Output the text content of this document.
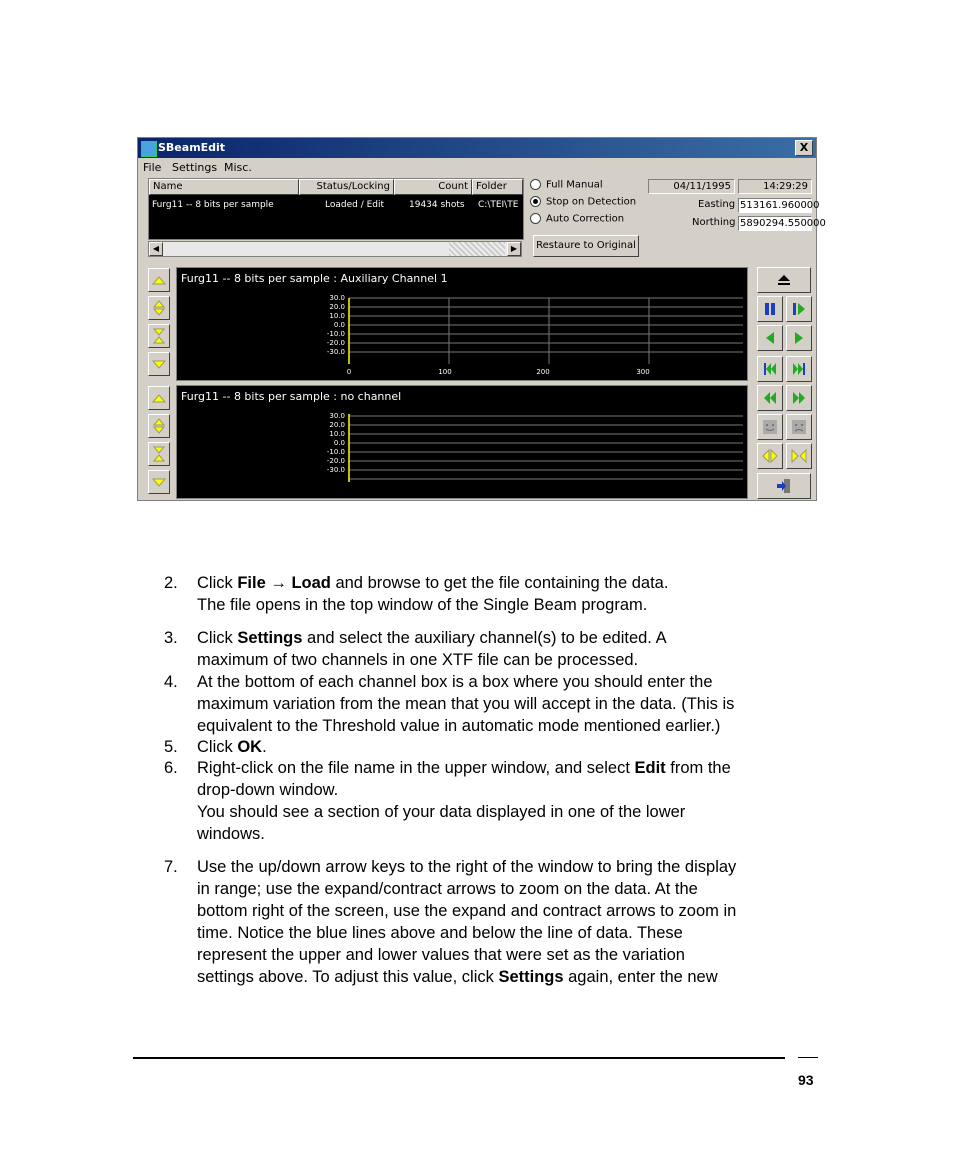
SBeamEdit	X
File Settings Misc.
Name	Status/Locking	Count Folder
Furg11 -- 8 bits per sample	Loaded / Edit	19434 shots	C:\TEI\TE
◀	▶
Full Manual
Stop on Detection
Auto Correction
Restaure to Original
04/11/1995	14:29:29
Easting 513161.960000
Northing 5890294.550000
Furg11 -- 8 bits per sample : Auxiliary Channel 1
30.0
20.0
10.0
0.0
-10.0
-20.0
-30.0
0	100	200	300
Furg11 -- 8 bits per sample : no channel
30.0
20.0
10.0
0.0
-10.0
-20.0
-30.0
2. Click File → Load and browse to get the file containing the data.
The file opens in the top window of the Single Beam program.
3. Click Settings and select the auxiliary channel(s) to be edited. A
maximum of two channels in one XTF file can be processed.
4. At the bottom of each channel box is a box where you should enter the
maximum variation from the mean that you will accept in the data. (This is
equivalent to the Threshold value in automatic mode mentioned earlier.)
5. Click OK.
6. Right-click on the file name in the upper window, and select Edit from the
drop-down window.
You should see a section of your data displayed in one of the lower
windows.
7. Use the up/down arrow keys to the right of the window to bring the display
in range; use the expand/contract arrows to zoom on the data. At the
bottom right of the screen, use the expand and contract arrows to zoom in
time. Notice the blue lines above and below the line of data. These
represent the upper and lower values that were set as the variation
settings above. To adjust this value, click Settings again, enter the new
93
